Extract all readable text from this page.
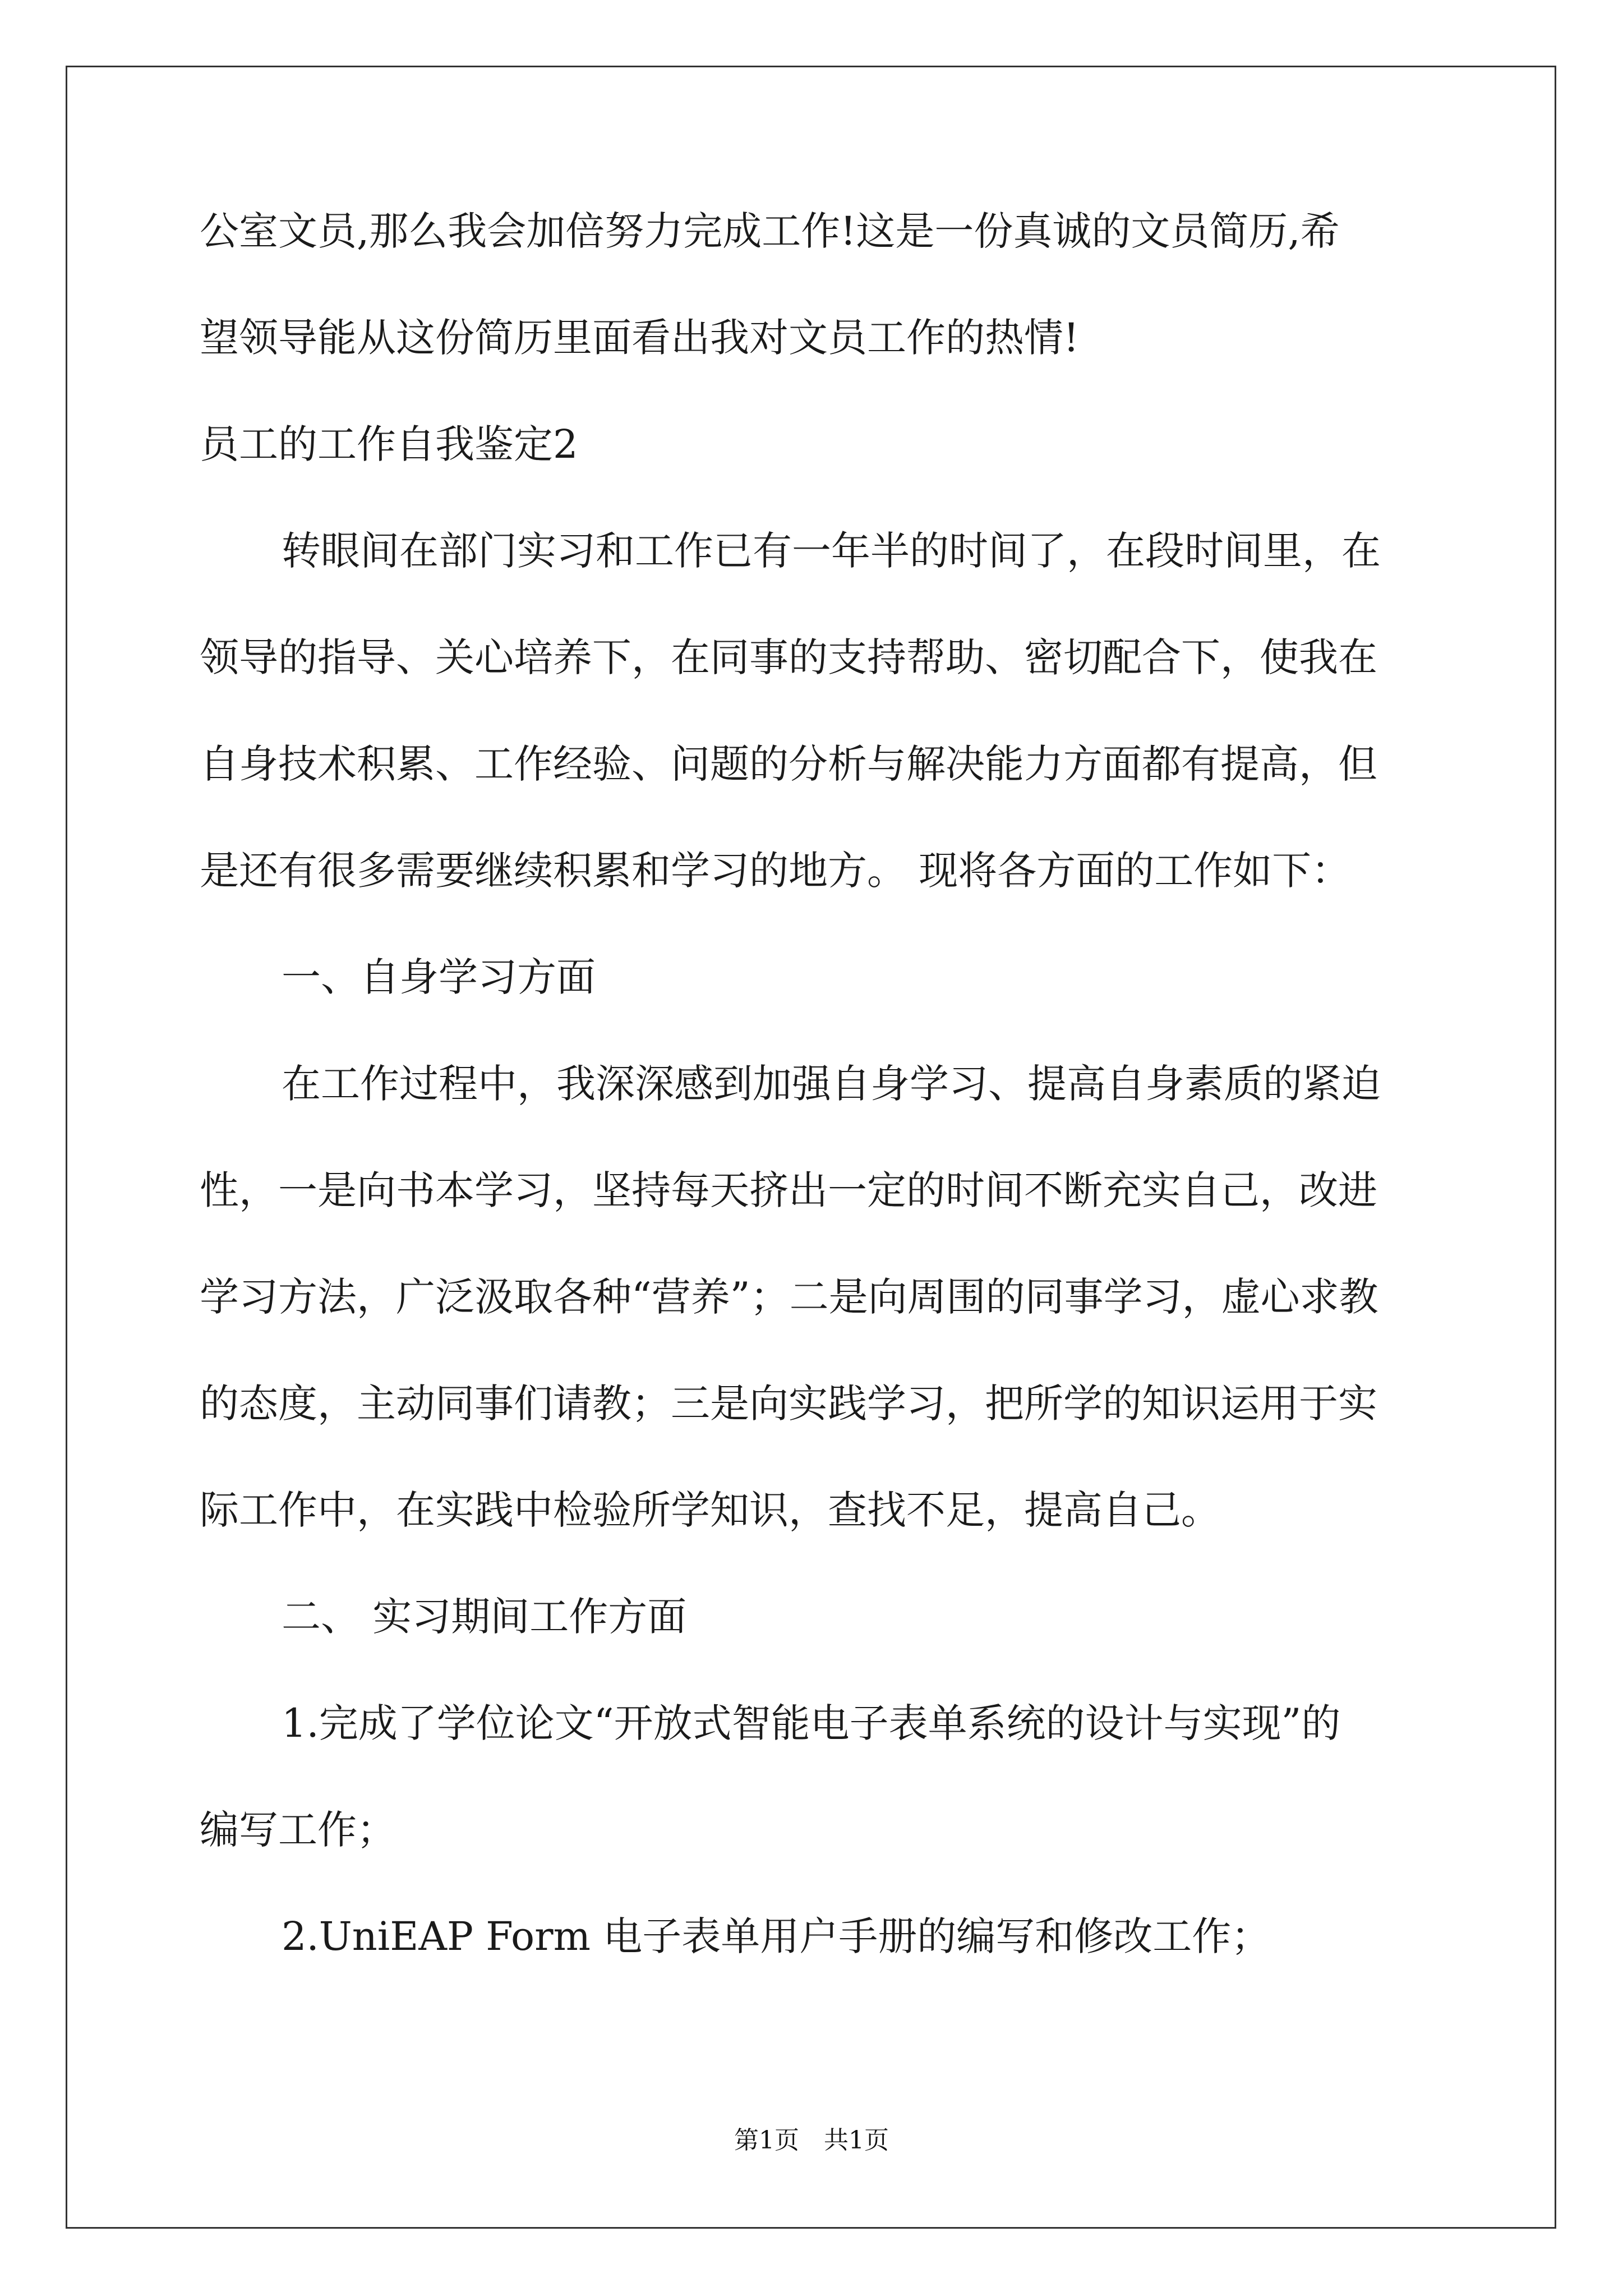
公室文员,那么我会加倍努力完成工作!这是一份真诚的文员简历,希
望领导能从这份简历里面看出我对文员工作的热情!
员工的工作自我鉴定2
转眼间在部门实习和工作已有一年半的时间了，在段时间里，在
领导的指导、关心培养下，在同事的支持帮助、密切配合下，使我在
自身技术积累、工作经验、问题的分析与解决能力方面都有提高，但
是还有很多需要继续积累和学习的地方。 现将各方面的工作如下：
一、自身学习方面
在工作过程中，我深深感到加强自身学习、提高自身素质的紧迫
性，一是向书本学习，坚持每天挤出一定的时间不断充实自己，改进
学习方法，广泛汲取各种“营养”；二是向周围的同事学习，虚心求教
的态度，主动同事们请教；三是向实践学习，把所学的知识运用于实
际工作中，在实践中检验所学知识，查找不足，提高自己。
二、 实习期间工作方面
1.完成了学位论文“开放式智能电子表单系统的设计与实现”的
编写工作；
2.UniEAP Form 电子表单用户手册的编写和修改工作；
第1页　共1页
